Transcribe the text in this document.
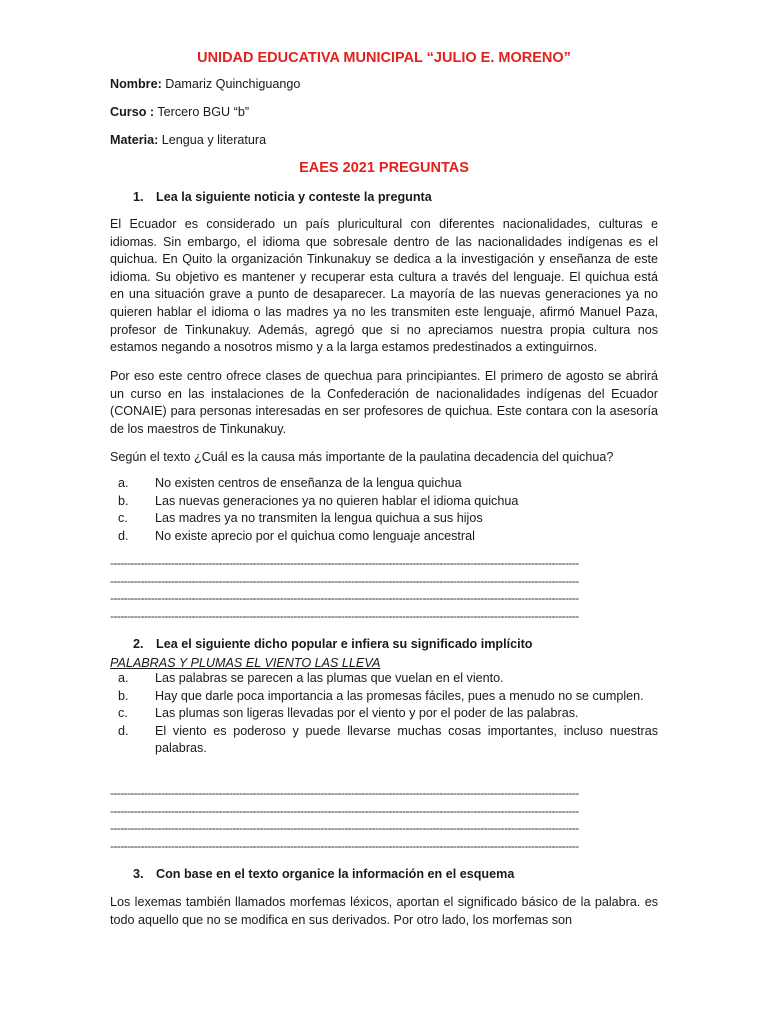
UNIDAD EDUCATIVA MUNICIPAL “JULIO E. MORENO”
Nombre: Damariz Quinchiguango
Curso : Tercero BGU “b”
Materia: Lengua y literatura
EAES 2021 PREGUNTAS
1. Lea la siguiente noticia y conteste la pregunta
El Ecuador es considerado un país pluricultural con diferentes nacionalidades, culturas e
idiomas. Sin embargo, el idioma que sobresale dentro de las nacionalidades indígenas es el
quichua. En Quito la organización Tinkunakuy se dedica a la investigación y enseñanza de este
idioma. Su objetivo es mantener y recuperar esta cultura a través del lenguaje. El quichua está
en una situación grave a punto de desaparecer. La mayoría de las nuevas generaciones ya no
quieren hablar el idioma o las madres ya no les transmiten este lenguaje, afirmó Manuel Paza,
profesor de Tinkunakuy. Además, agregó que si no apreciamos nuestra propia cultura nos
estamos negando a nosotros mismo y a la larga estamos predestinados a extinguirnos.
Por eso este centro ofrece clases de quechua para principiantes. El primero de agosto se abrirá
un curso en las instalaciones de la Confederación de nacionalidades indígenas del Ecuador
(CONAIE) para personas interesadas en ser profesores de quichua. Este contara con la asesoría
de los maestros de Tinkunakuy.
Según el texto ¿Cuál es la causa más importante de la paulatina decadencia del quichua?
a. No existen centros de enseñanza de la lengua quichua
b. Las nuevas generaciones ya no quieren hablar el idioma quichua
c. Las madres ya no transmiten la lengua quichua a sus hijos
d. No existe aprecio por el quichua como lenguaje ancestral
------------------------------------------------------------------------------------------------------------------------------------------
------------------------------------------------------------------------------------------------------------------------------------------
------------------------------------------------------------------------------------------------------------------------------------------
------------------------------------------------------------------------------------------------------------------------------------------
2. Lea el siguiente dicho popular e infiera su significado implícito
PALABRAS Y PLUMAS EL VIENTO LAS LLEVA
a. Las palabras se parecen a las plumas que vuelan en el viento.
b. Hay que darle poca importancia a las promesas fáciles, pues a menudo no se cumplen.
c. Las plumas son ligeras llevadas por el viento y por el poder de las palabras.
d. El viento es poderoso y puede llevarse muchas cosas importantes, incluso nuestras
palabras.
------------------------------------------------------------------------------------------------------------------------------------------
------------------------------------------------------------------------------------------------------------------------------------------
------------------------------------------------------------------------------------------------------------------------------------------
------------------------------------------------------------------------------------------------------------------------------------------
3. Con base en el texto organice la información en el esquema
Los lexemas también llamados morfemas léxicos, aportan el significado básico de la palabra. es
todo aquello que no se modifica en sus derivados. Por otro lado, los morfemas son
